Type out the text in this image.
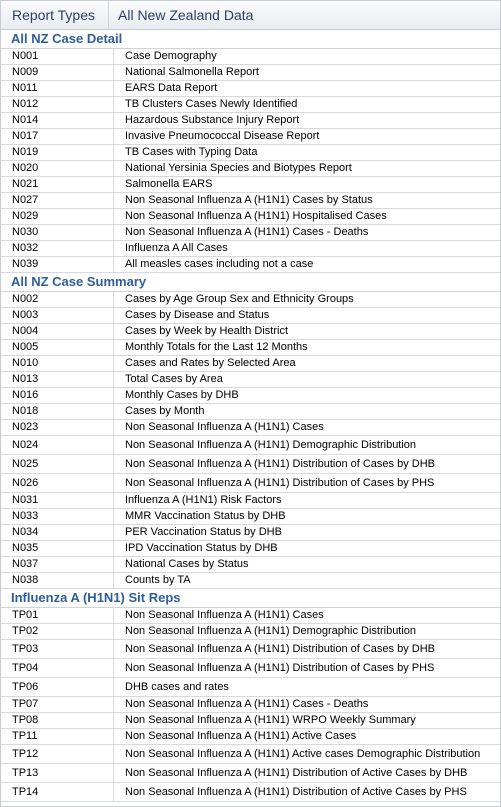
Report Types	All New Zealand Data
All NZ Case Detail
N001	Case Demography
N009	National Salmonella Report
N011	EARS Data Report
N012	TB Clusters Cases Newly Identified
N014	Hazardous Substance Injury Report
N017	Invasive Pneumococcal Disease Report
N019	TB Cases with Typing Data
N020	National Yersinia Species and Biotypes Report
N021	Salmonella EARS
N027	Non Seasonal Influenza A (H1N1) Cases by Status
N029	Non Seasonal Influenza A (H1N1) Hospitalised Cases
N030	Non Seasonal Influenza A (H1N1) Cases - Deaths
N032	Influenza A All Cases
N039	All measles cases including not a case
All NZ Case Summary
N002	Cases by Age Group Sex and Ethnicity Groups
N003	Cases by Disease and Status
N004	Cases by Week by Health District
N005	Monthly Totals for the Last 12 Months
N010	Cases and Rates by Selected Area
N013	Total Cases by Area
N016	Monthly Cases by DHB
N018	Cases by Month
N023	Non Seasonal Influenza A (H1N1) Cases
N024	Non Seasonal Influenza A (H1N1) Demographic Distribution
N025	Non Seasonal Influenza A (H1N1) Distribution of Cases by DHB
N026	Non Seasonal Influenza A (H1N1) Distribution of Cases by PHS
N031	Influenza A (H1N1) Risk Factors
N033	MMR Vaccination Status by DHB
N034	PER Vaccination Status by DHB
N035	IPD Vaccination Status by DHB
N037	National Cases by Status
N038	Counts by TA
Influenza A (H1N1) Sit Reps
TP01	Non Seasonal Influenza A (H1N1) Cases
TP02	Non Seasonal Influenza A (H1N1) Demographic Distribution
TP03	Non Seasonal Influenza A (H1N1) Distribution of Cases by DHB
TP04	Non Seasonal Influenza A (H1N1) Distribution of Cases by PHS
TP06	DHB cases and rates
TP07	Non Seasonal Influenza A (H1N1) Cases - Deaths
TP08	Non Seasonal Influenza A (H1N1) WRPO Weekly Summary
TP11	Non Seasonal Influenza A (H1N1) Active Cases
TP12	Non Seasonal Influenza A (H1N1) Active cases Demographic Distribution
TP13	Non Seasonal Influenza A (H1N1) Distribution of Active Cases by DHB
TP14	Non Seasonal Influenza A (H1N1) Distribution of Active Cases by PHS
